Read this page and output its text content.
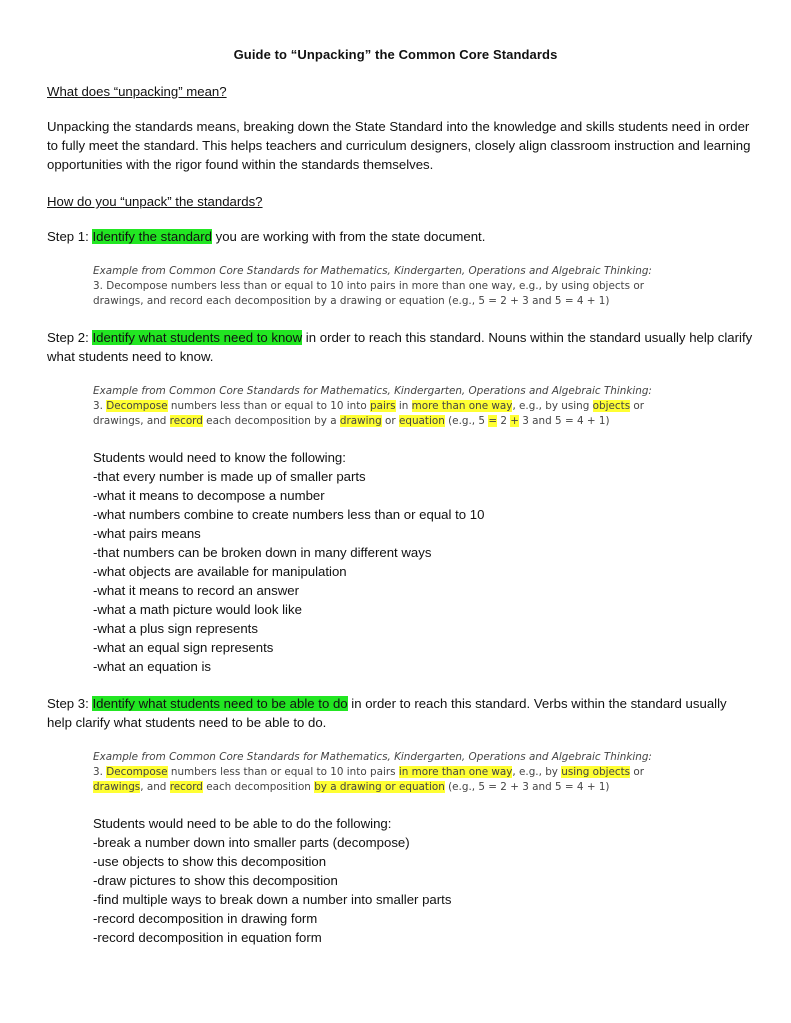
Guide to “Unpacking” the Common Core Standards
What does “unpacking” mean?
Unpacking the standards means, breaking down the State Standard into the knowledge and skills students need in order to fully meet the standard. This helps teachers and curriculum designers, closely align classroom instruction and learning opportunities with the rigor found within the standards themselves.
How do you “unpack” the standards?
Step 1: Identify the standard you are working with from the state document.
Example from Common Core Standards for Mathematics, Kindergarten, Operations and Algebraic Thinking:
3. Decompose numbers less than or equal to 10 into pairs in more than one way, e.g., by using objects or
drawings, and record each decomposition by a drawing or equation (e.g., 5 = 2 + 3 and 5 = 4 + 1)
Step 2: Identify what students need to know in order to reach this standard. Nouns within the standard usually help clarify what students need to know.
Example from Common Core Standards for Mathematics, Kindergarten, Operations and Algebraic Thinking:
3. Decompose numbers less than or equal to 10 into pairs in more than one way, e.g., by using objects or
drawings, and record each decomposition by a drawing or equation (e.g., 5 = 2 + 3 and 5 = 4 + 1)
Students would need to know the following:
-that every number is made up of smaller parts
-what it means to decompose a number
-what numbers combine to create numbers less than or equal to 10
-what pairs means
-that numbers can be broken down in many different ways
-what objects are available for manipulation
-what it means to record an answer
-what a math picture would look like
-what a plus sign represents
-what an equal sign represents
-what an equation is
Step 3: Identify what students need to be able to do in order to reach this standard. Verbs within the standard usually help clarify what students need to be able to do.
Example from Common Core Standards for Mathematics, Kindergarten, Operations and Algebraic Thinking:
3. Decompose numbers less than or equal to 10 into pairs in more than one way, e.g., by using objects or
drawings, and record each decomposition by a drawing or equation (e.g., 5 = 2 + 3 and 5 = 4 + 1)
Students would need to be able to do the following:
-break a number down into smaller parts (decompose)
-use objects to show this decomposition
-draw pictures to show this decomposition
-find multiple ways to break down a number into smaller parts
-record decomposition in drawing form
-record decomposition in equation form
